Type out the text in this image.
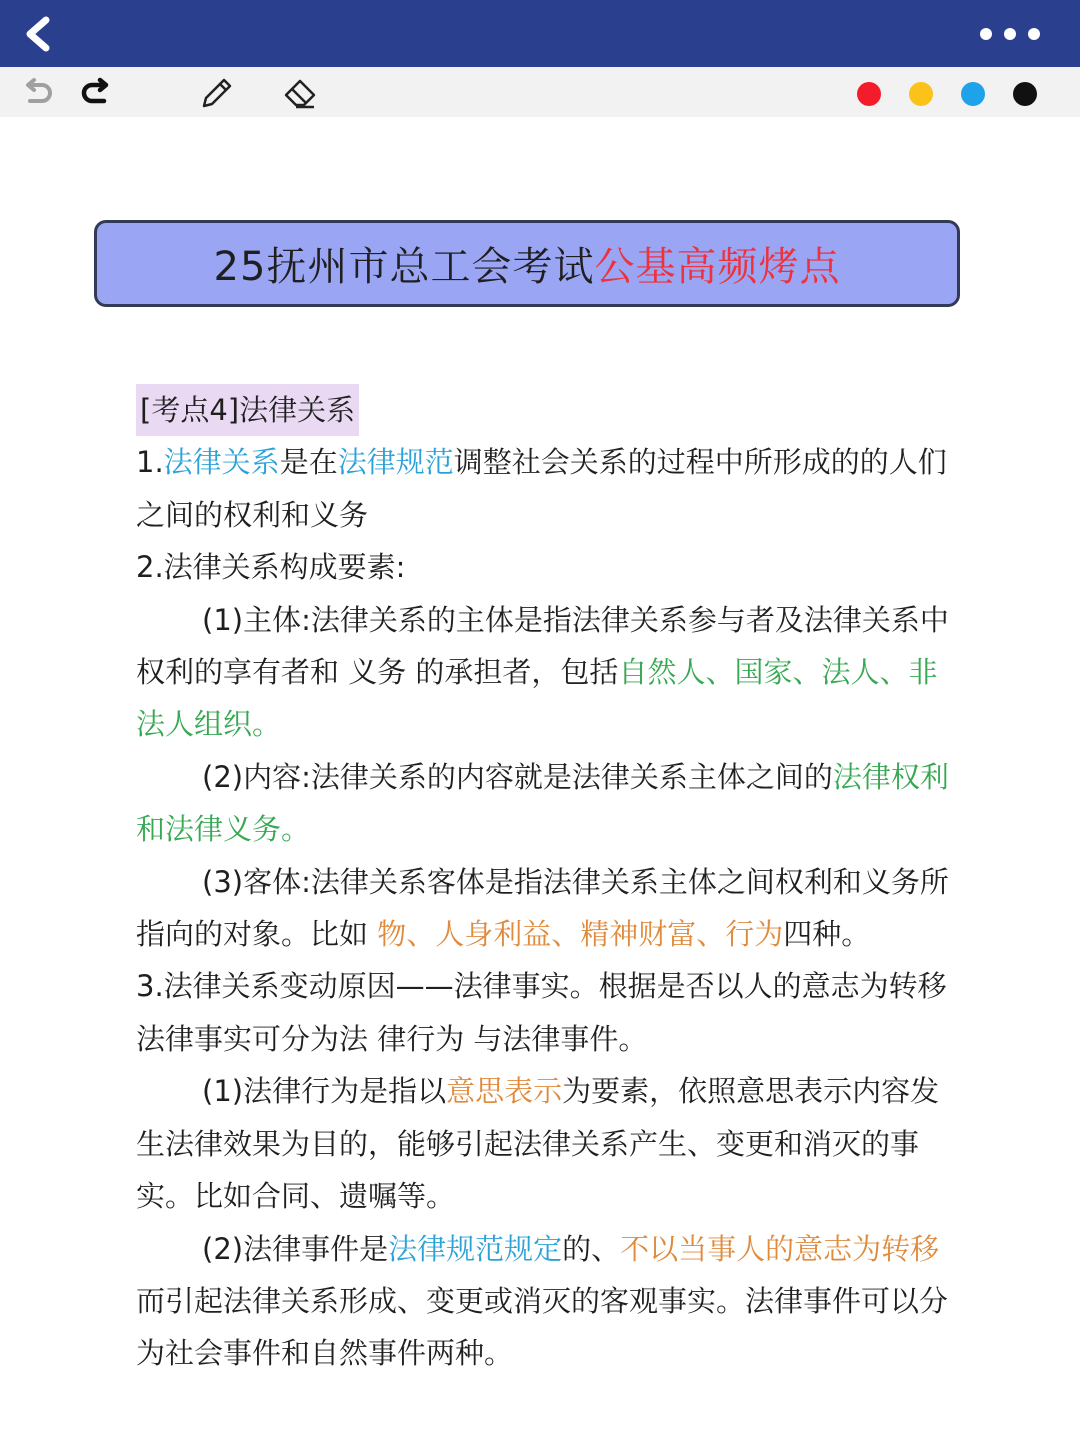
25抚州市总工会考试 公基高频烤点

[考点4]法律关系

1.法律关系是在法律规范调整社会关系的过程中所形成的的人们之间的权利和义务

2.法律关系构成要素:

(1)主体:法律关系的主体是指法律关系参与者及法律关系中权利的享有者和 义务 的承担者，包括自然人、国家、法人、非法人组织。

(2)内容:法律关系的内容就是法律关系主体之间的法律权利和法律义务。

(3)客体:法律关系客体是指法律关系主体之间权利和义务所指向的对象。比如 物、人身利益、精神财富、行为四种。

3.法律关系变动原因——法律事实。根据是否以人的意志为转移法律事实可分为法 律行为 与法律事件。

(1)法律行为是指以意思表示为要素，依照意思表示内容发生法律效果为目的，能够引起法律关系产生、变更和消灭的事实。比如合同、遗嘱等。

(2)法律事件是法律规范规定的、不以当事人的意志为转移而引起法律关系形成、变更或消灭的客观事实。法律事件可以分为社会事件和自然事件两种。
